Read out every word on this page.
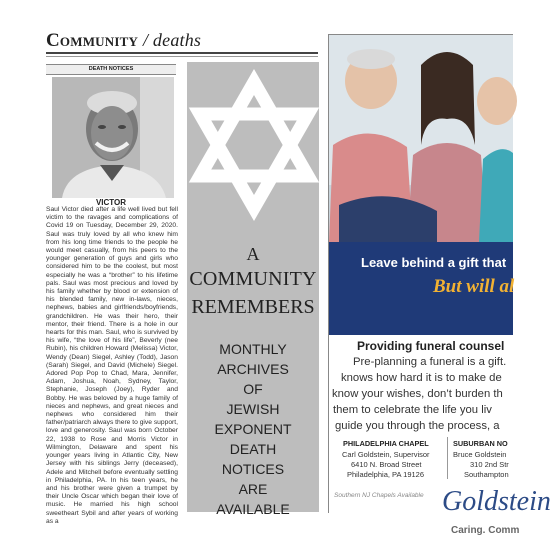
Community / deaths
DEATH NOTICES
VICTOR
Saul Victor died after a life well lived but fell victim to the ravages and complications of Covid 19 on Tuesday, December 29, 2020. Saul was truly loved by all who knew him from his long time friends to the people he would meet casually, from his peers to the younger generation of guys and girls who considered him to be the coolest, but most especially he was a “brother” to his lifetime pals. Saul was most precious and loved by his family whether by blood or extension of his blended family, new in-laws, nieces, nephews, babies and girlfriends/boyfriends, grandchildren. He was their hero, their mentor, their friend. There is a hole in our hearts for this man. Saul, who is survived by his wife, “the love of his life”, Beverly (nee Rubin), his children Howard (Melissa) Victor, Wendy (Dean) Siegel, Ashley (Todd), Jason (Sarah) Siegel, and David (Michele) Siegel. Adored Pop Pop to Chad, Mara, Jennifer, Adam, Joshua, Noah, Sydney, Taylor, Stephanie, Joseph (Joey), Ryder and Bobby. He was beloved by a huge family of nieces and nephews, and great nieces and nephews who considered him their father/patriarch always there to give support, love and generosity. Saul was born October 22, 1938 to Rose and Morris Victor in Wilmington, Delaware and spent his younger years living in Atlantic City, New Jersey with his siblings Jerry (deceased), Adele and Mitchell before eventually settling in Philadelphia, PA. In his teen years, he and his brother were given a trumpet by their Uncle Oscar which began their love of music. He married his high school sweetheart Sybil and after years of working as a
A
COMMUNITY
REMEMBERS
MONTHLY
ARCHIVES
OF
JEWISH
EXPONENT
DEATH
NOTICES
ARE
AVAILABLE
Leave behind a gift that
But will al
Providing funeral counsel
Pre-planning a funeral is a gift.
knows how hard it is to make de
know your wishes, don’t burden th
them to celebrate the life you liv
guide you through the process, a
PHILADELPHIA CHAPEL
Carl Goldstein, Supervisor
6410 N. Broad Street
Philadelphia, PA 19126
SUBURBAN NO
Bruce Goldstein
310 2nd Str
Southampton
Southern NJ Chapels Available Goldstein
Caring. Comm
